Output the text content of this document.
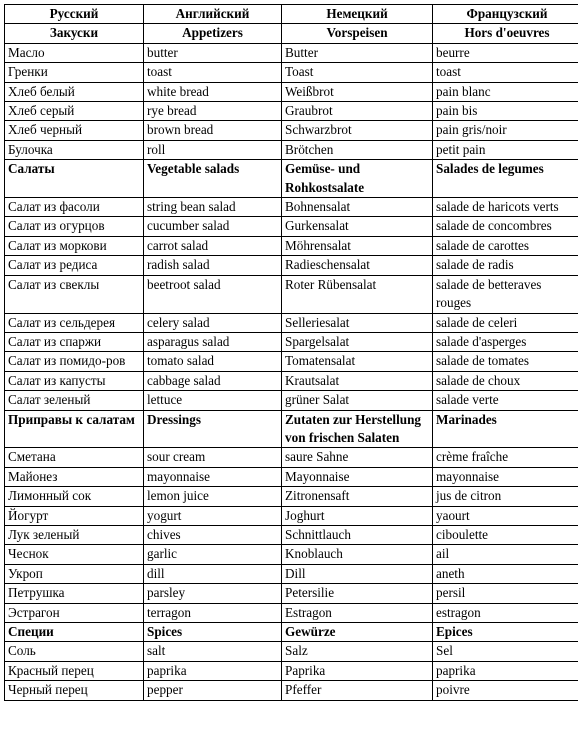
Русский	Английский	Немецкий	Французский
Закуски	Appetizers	Vorspeisen	Hors d'oeuvres
Масло	butter	Butter	beurre
Гренки	toast	Toast	toast
Хлеб белый	white bread	Weißbrot	pain blanc
Хлеб серый	rye bread	Graubrot	pain bis
Хлеб черный	brown bread	Schwarzbrot	pain gris/noir
Булочка	roll	Brötchen	petit pain
Салаты	Vegetable salads	Gemüse- und Rohkostsalate	Salades de legumes
Салат из фасоли	string bean salad	Bohnensalat	salade de haricots verts
Салат из огурцов	cucumber salad	Gurkensalat	salade de concombres
Салат из моркови	carrot salad	Möhrensalat	salade de carottes
Салат из редиса	radish salad	Radieschensalat	salade de radis
Салат из свеклы	beetroot salad	Roter Rübensalat	salade de betteraves rouges
Салат из сельдерея	celery salad	Selleriesalat	salade de celeri
Салат из спаржи	asparagus salad	Spargelsalat	salade d'asperges
Салат из помидо-ров	tomato salad	Tomatensalat	salade de tomates
Салат из капусты	cabbage salad	Krautsalat	salade de choux
Салат зеленый	lettuce	grüner Salat	salade verte
Приправы к салатам	Dressings	Zutaten zur Herstellung von frischen Salaten	Marinades
Сметана	sour cream	saure Sahne	crème fraîche
Майонез	mayonnaise	Mayonnaise	mayonnaise
Лимонный сок	lemon juice	Zitronensaft	jus de citron
Йогурт	yogurt	Joghurt	yaourt
Лук зеленый	chives	Schnittlauch	ciboulette
Чеснок	garlic	Knoblauch	ail
Укроп	dill	Dill	aneth
Петрушка	parsley	Petersilie	persil
Эстрагон	terragon	Estragon	estragon
Специи	Spices	Gewürze	Epices
Соль	salt	Salz	Sel
Красный перец	paprika	Paprika	paprika
Черный перец	pepper	Pfeffer	poivre
